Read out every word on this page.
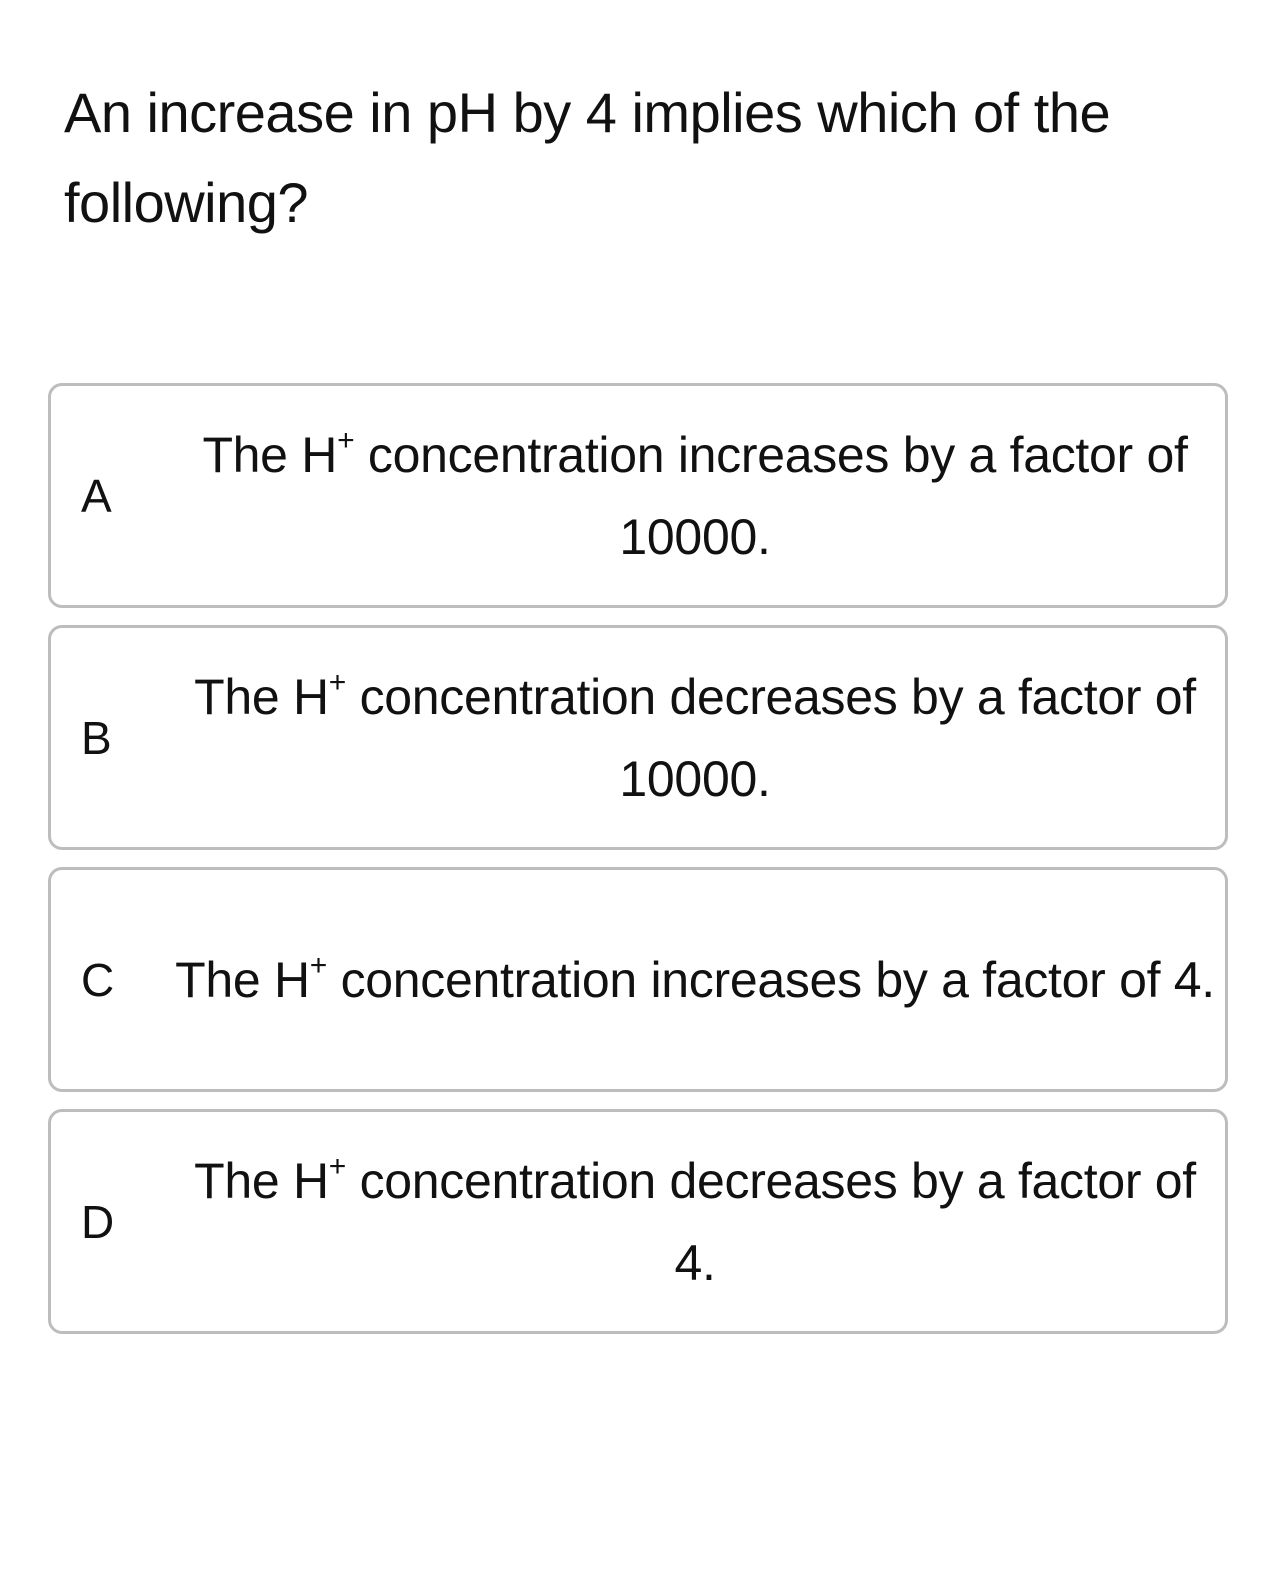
An increase in pH by 4 implies which of the following?
A
The H+ concentration increases by a factor of 10000.
B
The H+ concentration decreases by a factor of 10000.
C The H+ concentration increases by a factor of 4.
D
The H+ concentration decreases by a factor of 4.
